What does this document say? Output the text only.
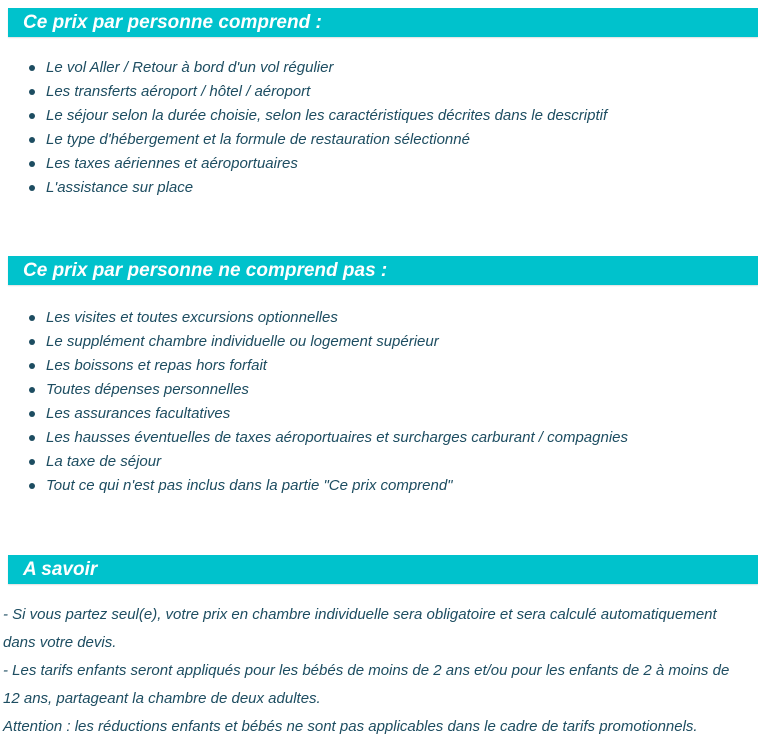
Ce prix par personne comprend :
Le vol Aller / Retour à bord d'un vol régulier
Les transferts aéroport / hôtel / aéroport
Le séjour selon la durée choisie, selon les caractéristiques décrites dans le descriptif
Le type d'hébergement et la formule de restauration sélectionné
Les taxes aériennes et aéroportuaires
L'assistance sur place
Ce prix par personne ne comprend pas :
Les visites et toutes excursions optionnelles
Le supplément chambre individuelle ou logement supérieur
Les boissons et repas hors forfait
Toutes dépenses personnelles
Les assurances facultatives
Les hausses éventuelles de taxes aéroportuaires et surcharges carburant / compagnies
La taxe de séjour
Tout ce qui n'est pas inclus dans la partie "Ce prix comprend"
A savoir

- Si vous partez seul(e), votre prix en chambre individuelle sera obligatoire et sera calculé automatiquement dans votre devis.

- Les tarifs enfants seront appliqués pour les bébés de moins de 2 ans et/ou pour les enfants de 2 à moins de 12 ans, partageant la chambre de deux adultes.

Attention : les réductions enfants et bébés ne sont pas applicables dans le cadre de tarifs promotionnels.
